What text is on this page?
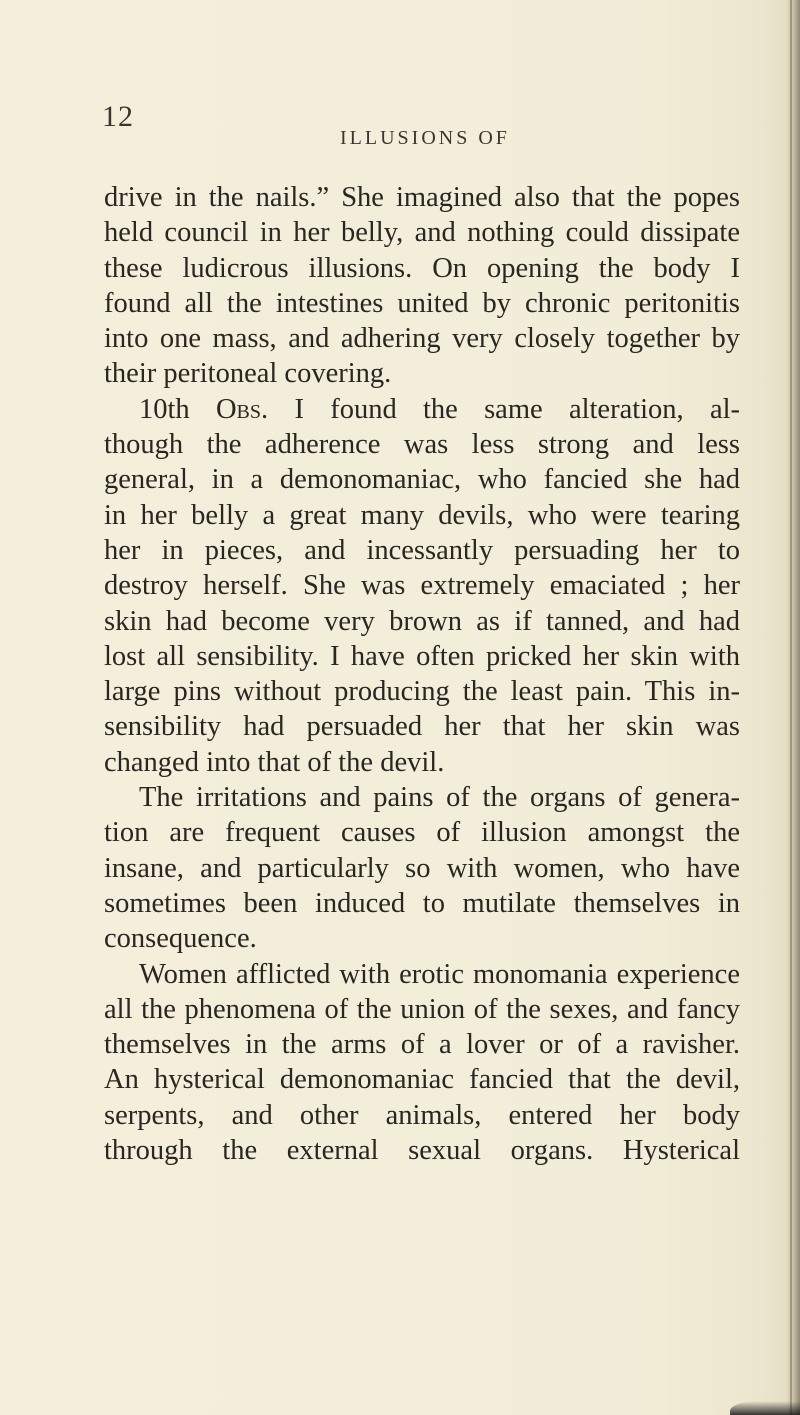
12
ILLUSIONS OF

drive in the nails.” She imagined also that the popes

held council in her belly, and nothing could dissipate

these ludicrous illusions. On opening the body I

found all the intestines united by chronic peritonitis

into one mass, and adhering very closely together by

their peritoneal covering.

10th Obs. I found the same alteration, al-

though the adherence was less strong and less

general, in a demonomaniac, who fancied she had

in her belly a great many devils, who were tearing

her in pieces, and incessantly persuading her to

destroy herself. She was extremely emaciated ; her

skin had become very brown as if tanned, and had

lost all sensibility. I have often pricked her skin with

large pins without producing the least pain. This in-

sensibility had persuaded her that her skin was

changed into that of the devil.

The irritations and pains of the organs of genera-

tion are frequent causes of illusion amongst the

insane, and particularly so with women, who have

sometimes been induced to mutilate themselves in

consequence.

Women afflicted with erotic monomania experience

all the phenomena of the union of the sexes, and fancy

themselves in the arms of a lover or of a ravisher.

An hysterical demonomaniac fancied that the devil,

serpents, and other animals, entered her body

through the external sexual organs. Hysterical
